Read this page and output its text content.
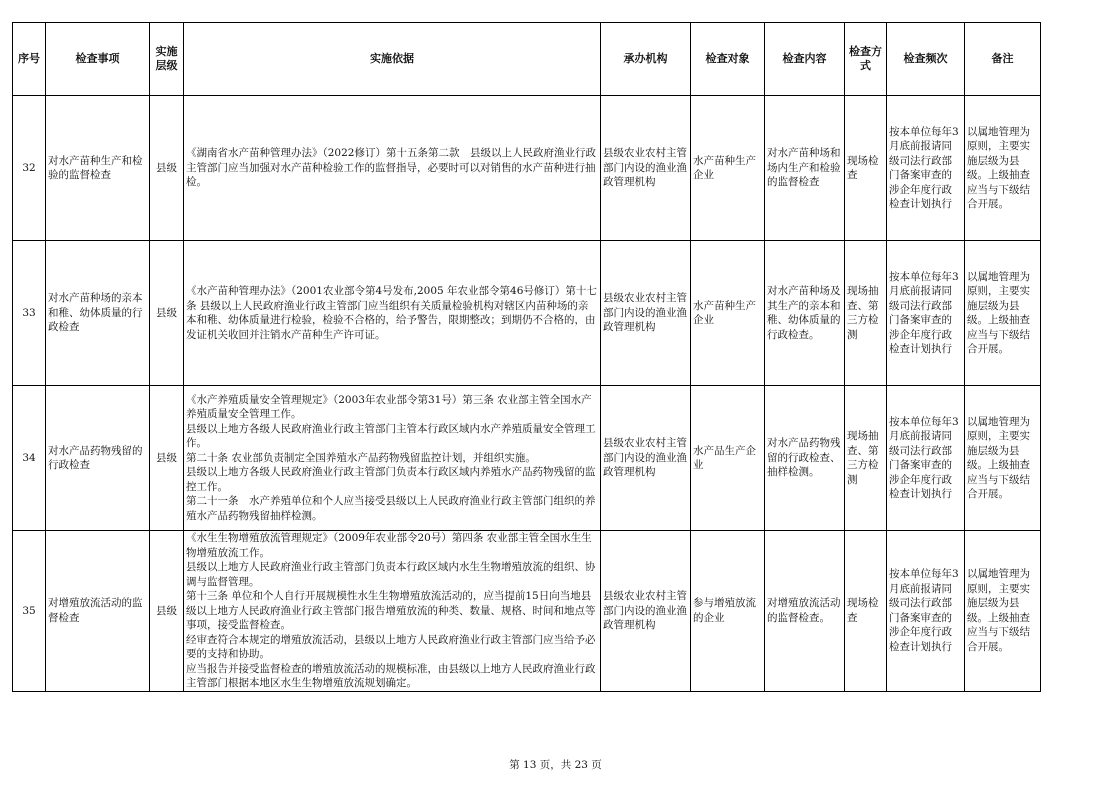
序号	检查事项	实施层级	实施依据	承办机构	检查对象	检查内容	检查方式	检查频次	备注
32	对水产苗种生产和检验的监督检查	县级	《湖南省水产苗种管理办法》（2022修订）第十五条第二款　县级以上人民政府渔业行政主管部门应当加强对水产苗种检验工作的监督指导，必要时可以对销售的水产苗种进行抽检。	县级农业农村主管部门内设的渔业渔政管理机构	水产苗种生产企业	对水产苗种场和场内生产和检验的监督检查	现场检查	按本单位每年3月底前报请同级司法行政部门备案审查的涉企年度行政检查计划执行	以属地管理为原则，主要实施层级为县级。上级抽查应当与下级结合开展。
33	对水产苗种场的亲本和稚、幼体质量的行政检查	县级	《水产苗种管理办法》（2001农业部令第4号发布,2005 年农业部令第46号修订）第十七条 县级以上人民政府渔业行政主管部门应当组织有关质量检验机构对辖区内苗种场的亲本和稚、幼体质量进行检验，检验不合格的，给予警告，限期整改；到期仍不合格的，由发证机关收回并注销水产苗种生产许可证。	县级农业农村主管部门内设的渔业渔政管理机构	水产苗种生产企业	对水产苗种场及其生产的亲本和稚、幼体质量的行政检查。	现场抽查、第三方检测	按本单位每年3月底前报请同级司法行政部门备案审查的涉企年度行政检查计划执行	以属地管理为原则，主要实施层级为县级。上级抽查应当与下级结合开展。
34	对水产品药物残留的行政检查	县级	《水产养殖质量安全管理规定》（2003年农业部令第31号）第三条 农业部主管全国水产养殖质量安全管理工作。
县级以上地方各级人民政府渔业行政主管部门主管本行政区域内水产养殖质量安全管理工作。
第二十条 农业部负责制定全国养殖水产品药物残留监控计划，并组织实施。
县级以上地方各级人民政府渔业行政主管部门负责本行政区域内养殖水产品药物残留的监控工作。
第二十一条　水产养殖单位和个人应当接受县级以上人民政府渔业行政主管部门组织的养殖水产品药物残留抽样检测。	县级农业农村主管部门内设的渔业渔政管理机构	水产品生产企业	对水产品药物残留的行政检查、抽样检测。	现场抽查、第三方检测	按本单位每年3月底前报请同级司法行政部门备案审查的涉企年度行政检查计划执行	以属地管理为原则，主要实施层级为县级。上级抽查应当与下级结合开展。
35	对增殖放流活动的监督检查	县级	《水生生物增殖放流管理规定》（2009年农业部令20号）第四条 农业部主管全国水生生物增殖放流工作。
县级以上地方人民政府渔业行政主管部门负责本行政区域内水生生物增殖放流的组织、协调与监督管理。
第十三条 单位和个人自行开展规模性水生生物增殖放流活动的，应当提前15日向当地县级以上地方人民政府渔业行政主管部门报告增殖放流的种类、数量、规格、时间和地点等事项，接受监督检查。
经审查符合本规定的增殖放流活动，县级以上地方人民政府渔业行政主管部门应当给予必要的支持和协助。
应当报告并接受监督检查的增殖放流活动的规模标准，由县级以上地方人民政府渔业行政主管部门根据本地区水生生物增殖放流规划确定。	县级农业农村主管部门内设的渔业渔政管理机构	参与增殖放流的企业	对增殖放流活动的监督检查。	现场检查	按本单位每年3月底前报请同级司法行政部门备案审查的涉企年度行政检查计划执行	以属地管理为原则，主要实施层级为县级。上级抽查应当与下级结合开展。
第 13 页，共 23 页
